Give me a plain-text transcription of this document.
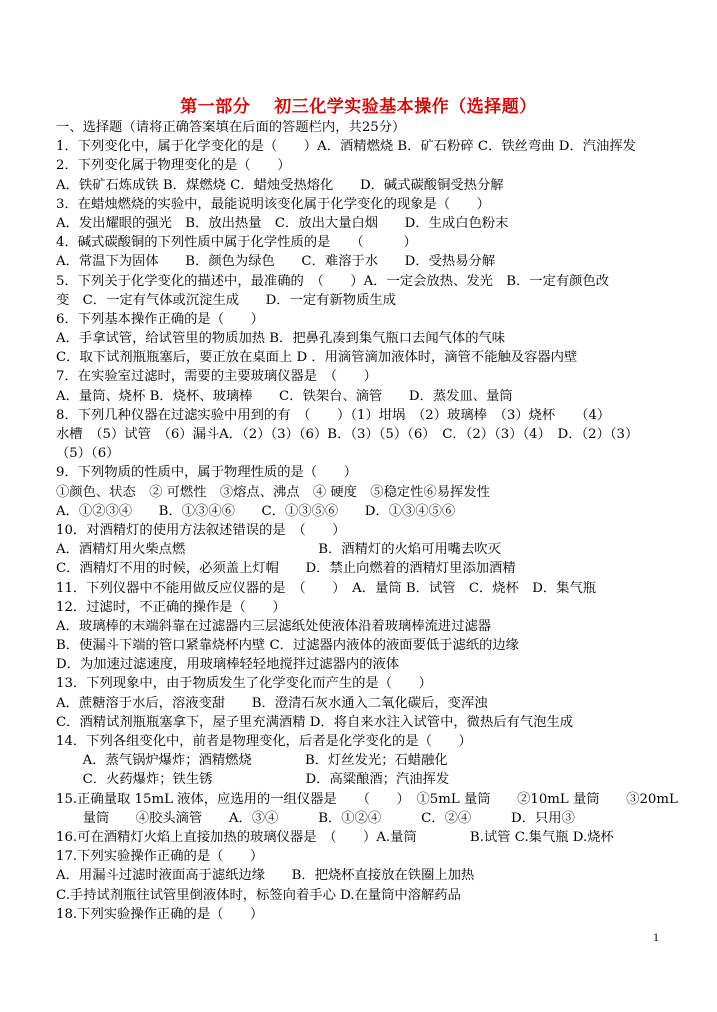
第一部分　 初三化学实验基本操作（选择题）
一、选择题（请将正确答案填在后面的答题栏内，共25分）
1．下列变化中，属于化学变化的是（　　）A．酒精燃烧 B．矿石粉碎 C．铁丝弯曲 D．汽油挥发
2．下列变化属于物理变化的是（　　）
A．铁矿石炼成铁 B．煤燃烧 C．蜡烛受热熔化　　D．碱式碳酸铜受热分解
3．在蜡烛燃烧的实验中，最能说明该变化属于化学变化的现象是（　　）
A．发出耀眼的强光　B．放出热量　C．放出大量白烟　　D．生成白色粉末
4．碱式碳酸铜的下列性质中属于化学性质的是　　（　　　）
A．常温下为固体　　B．颜色为绿色　　C．难溶于水　　D．受热易分解
5．下列关于化学变化的描述中，最准确的　（　　）A．一定会放热、发光　B．一定有颜色改
变　C．一定有气体或沉淀生成　　D．一定有新物质生成
6．下列基本操作正确的是（　　）
A．手拿试管，给试管里的物质加热 B．把鼻孔凑到集气瓶口去闻气体的气味
C．取下试剂瓶瓶塞后，要正放在桌面上 D ．用滴管滴加液体时，滴管不能触及容器内壁
7．在实验室过滤时，需要的主要玻璃仪器是　（　　）
A．量筒、烧杯 B．烧杯、玻璃棒　　C．铁架台、滴管　　D．蒸发皿、量筒
8．下列几种仪器在过滤实验中用到的有　（　　）（1）坩埚　（2）玻璃棒　（3）烧杯　　（4）
水槽　（5）试管　（6）漏斗A．（2）（3）（6）B．（3）（5）（6）　C．（2）（3）（4）　D．（2）（3）
（5）（6）
9．下列物质的性质中，属于物理性质的是（　　）
①颜色、状态　② 可燃性　③熔点、沸点　④ 硬度　⑤稳定性⑥易挥发性
A．①②③④　　B．①③④⑥　　C．①③⑤⑥　　D．①③④⑤⑥
10．对酒精灯的使用方法叙述错误的是　（　　）
A．酒精灯用火柴点燃　　　　　　　　　　B．酒精灯的火焰可用嘴去吹灭
C．酒精灯不用的时候，必须盖上灯帽　　D．禁止向燃着的酒精灯里添加酒精
11．下列仪器中不能用做反应仪器的是　（　　）　A．量筒 B．试管　C．烧杯　D．集气瓶
12．过滤时，不正确的操作是（　　）
A．玻璃棒的末端斜靠在过滤器内三层滤纸处使液体沿着玻璃棒流进过滤器
B．使漏斗下端的管口紧靠烧杯内壁 C．过滤器内液体的液面要低于滤纸的边缘
D．为加速过滤速度，用玻璃棒轻轻地搅拌过滤器内的液体
13．下列现象中，由于物质发生了化学变化而产生的是（　　）
A．蔗糖溶于水后，溶液变甜　　B．澄清石灰水通入二氧化碳后，变浑浊
C．酒精试剂瓶瓶塞拿下，屋子里充满酒精 D．将自来水注入试管中，微热后有气泡生成
14．下列各组变化中，前者是物理变化，后者是化学变化的是（　　）
　　A．蒸气锅炉爆炸；酒精燃烧　　　　B．灯丝发光；石蜡融化
　　C．火药爆炸；铁生锈　　　　　　　D．高粱酿酒；汽油挥发
15.正确量取 15mL 液体，应选用的一组仪器是　　（　　）　①5mL 量筒　　②10mL 量筒　　③20mL
　　量筒　　④胶头滴管　　A．③④　　　B．①②④　　　C．②④　　　D．只用③
16.可在酒精灯火焰上直接加热的玻璃仪器是　（　　）A.量筒　　　　B.试管 C.集气瓶 D.烧杯
17.下列实验操作正确的是（　　）
A．用漏斗过滤时液面高于滤纸边缘　　B．把烧杯直接放在铁圈上加热
C.手持试剂瓶往试管里倒液体时，标签向着手心 D.在量筒中溶解药品
18.下列实验操作正确的是（　　）
1
